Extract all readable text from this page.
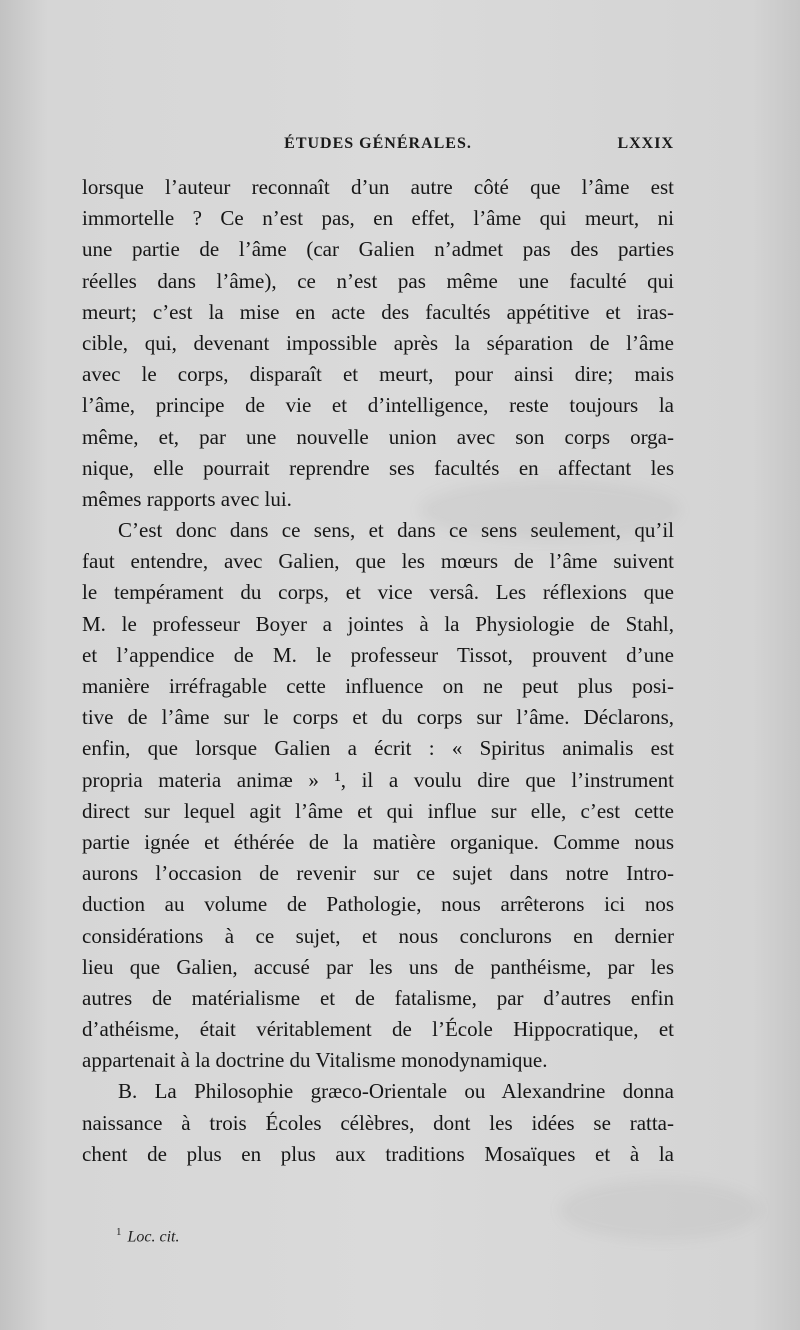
ÉTUDES GÉNÉRALES.	LXXIX
lorsque l’auteur reconnaît d’un autre côté que l’âme est
immortelle ? Ce n’est pas, en effet, l’âme qui meurt, ni
une partie de l’âme (car Galien n’admet pas des parties
réelles dans l’âme), ce n’est pas même une faculté qui
meurt; c’est la mise en acte des facultés appétitive et iras-
cible, qui, devenant impossible après la séparation de l’âme
avec le corps, disparaît et meurt, pour ainsi dire; mais
l’âme, principe de vie et d’intelligence, reste toujours la
même, et, par une nouvelle union avec son corps orga-
nique, elle pourrait reprendre ses facultés en affectant les
mêmes rapports avec lui.
C’est donc dans ce sens, et dans ce sens seulement, qu’il
faut entendre, avec Galien, que les mœurs de l’âme suivent
le tempérament du corps, et vice versâ. Les réflexions que
M. le professeur Boyer a jointes à la Physiologie de Stahl,
et l’appendice de M. le professeur Tissot, prouvent d’une
manière irréfragable cette influence on ne peut plus posi-
tive de l’âme sur le corps et du corps sur l’âme. Déclarons,
enfin, que lorsque Galien a écrit : « Spiritus animalis est
propria materia animæ » ¹, il a voulu dire que l’instrument
direct sur lequel agit l’âme et qui influe sur elle, c’est cette
partie ignée et éthérée de la matière organique. Comme nous
aurons l’occasion de revenir sur ce sujet dans notre Intro-
duction au volume de Pathologie, nous arrêterons ici nos
considérations à ce sujet, et nous conclurons en dernier
lieu que Galien, accusé par les uns de panthéisme, par les
autres de matérialisme et de fatalisme, par d’autres enfin
d’athéisme, était véritablement de l’École Hippocratique, et
appartenait à la doctrine du Vitalisme monodynamique.
B. La Philosophie græco-Orientale ou Alexandrine donna
naissance à trois Écoles célèbres, dont les idées se ratta-
chent de plus en plus aux traditions Mosaïques et à la
$^1$ Loc. cit.
